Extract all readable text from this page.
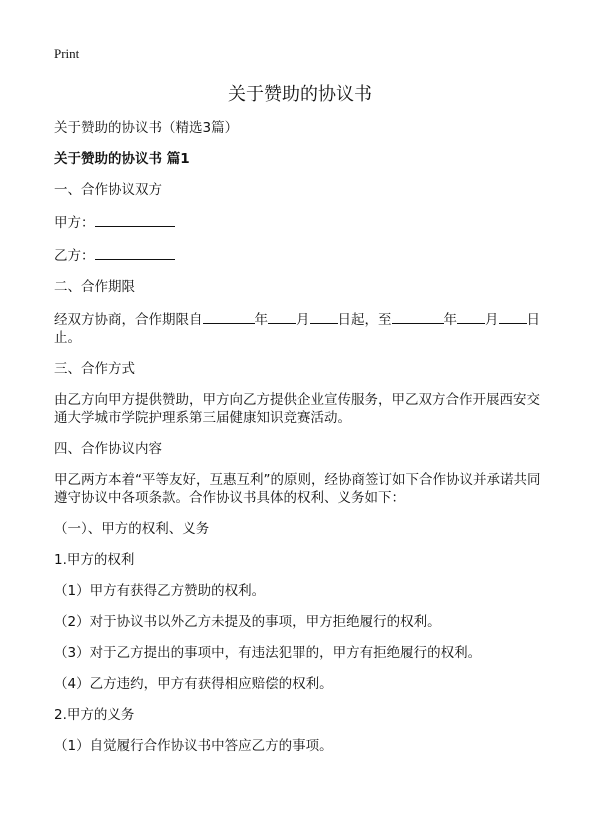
Print
关于赞助的协议书

关于赞助的协议书（精选3篇）

关于赞助的协议书 篇1

一、合作协议双方

甲方：

乙方：

二、合作期限

经双方协商，合作期限自	年 月 日起，至	年 月 日止。

三、合作方式

由乙方向甲方提供赞助，甲方向乙方提供企业宣传服务，甲乙双方合作开展西安交通大学城市学院护理系第三届健康知识竞赛活动。

四、合作协议内容

甲乙两方本着“平等友好，互惠互利”的原则，经协商签订如下合作协议并承诺共同遵守协议中各项条款。合作协议书具体的权利、义务如下：

（一）、甲方的权利、义务

1.甲方的权利

（1）甲方有获得乙方赞助的权利。

（2）对于协议书以外乙方未提及的事项，甲方拒绝履行的权利。

（3）对于乙方提出的事项中，有违法犯罪的，甲方有拒绝履行的权利。

（4）乙方违约，甲方有获得相应赔偿的权利。

2.甲方的义务

（1）自觉履行合作协议书中答应乙方的事项。
